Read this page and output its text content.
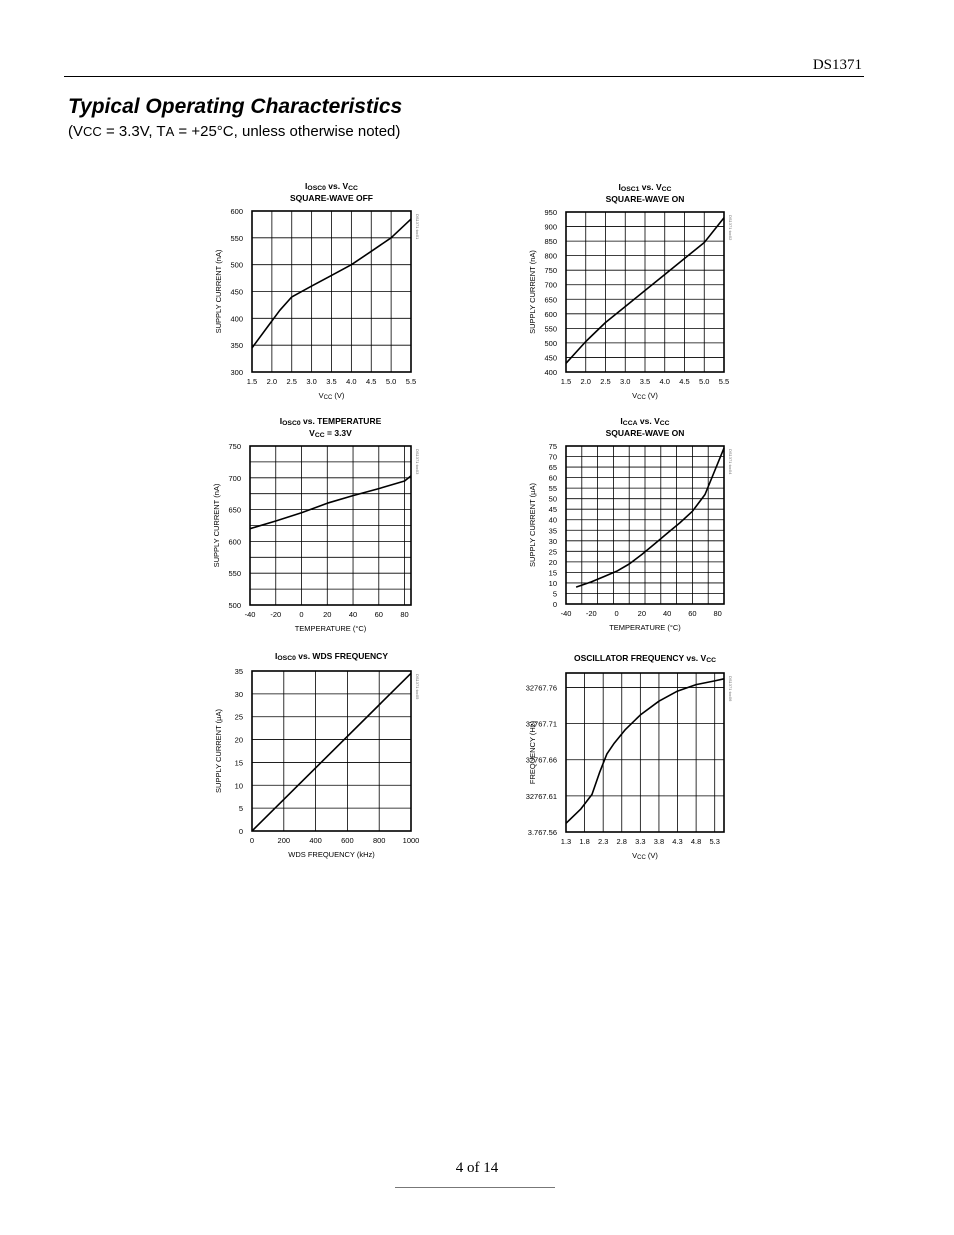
DS1371
Typical Operating Characteristics
(VCC = 3.3V, TA = +25°C, unless otherwise noted)
1.5 2.0 2.5 3.0 3.5 4.0 4.5 5.0 5.5
300
350
400
450
500
550
600
VCC (V)
SUPPLY CURRENT (nA)
IOSC0 vs. VCC
SQUARE-WAVE OFF
DS1371 toc01
1.5 2.0 2.5 3.0 3.5 4.0 4.5 5.0 5.5
400
450
500
550
600
650
700
750
800
850
900
950
VCC (V)
SUPPLY CURRENT (nA)
IOSC1 vs. VCC
SQUARE-WAVE ON
DS1371 toc02
-40 -20 0	20 40 60 80
500
550
600
650
700
750
TEMPERATURE (°C)
SUPPLY CURRENT (nA)
IOSC0 vs. TEMPERATURE
VCC = 3.3V
DS1371 toc03
-40 -20 0	20 40 60 80
0
5
10
15
20
25
30
35
40
45
50
55
60
65
70
75
TEMPERATURE (°C)
SUPPLY CURRENT (µA)
ICCA vs. VCC
SQUARE-WAVE ON
DS1371 toc04
0	200	400	600	800 1000
0
5
10
15
20
25
30
35
WDS FREQUENCY (kHz)
SUPPLY CURRENT (µA)
IOSC0 vs. WDS FREQUENCY
DS1371 toc05
1.3 1.8 2.3 2.8 3.3 3.8 4.3 4.8 5.3
3.767.56
32767.61
32767.66
32767.71
32767.76
VCC (V)
FREQUENCY (Hz)
OSCILLATOR FREQUENCY vs. VCC
DS1371 toc06
4 of 14
